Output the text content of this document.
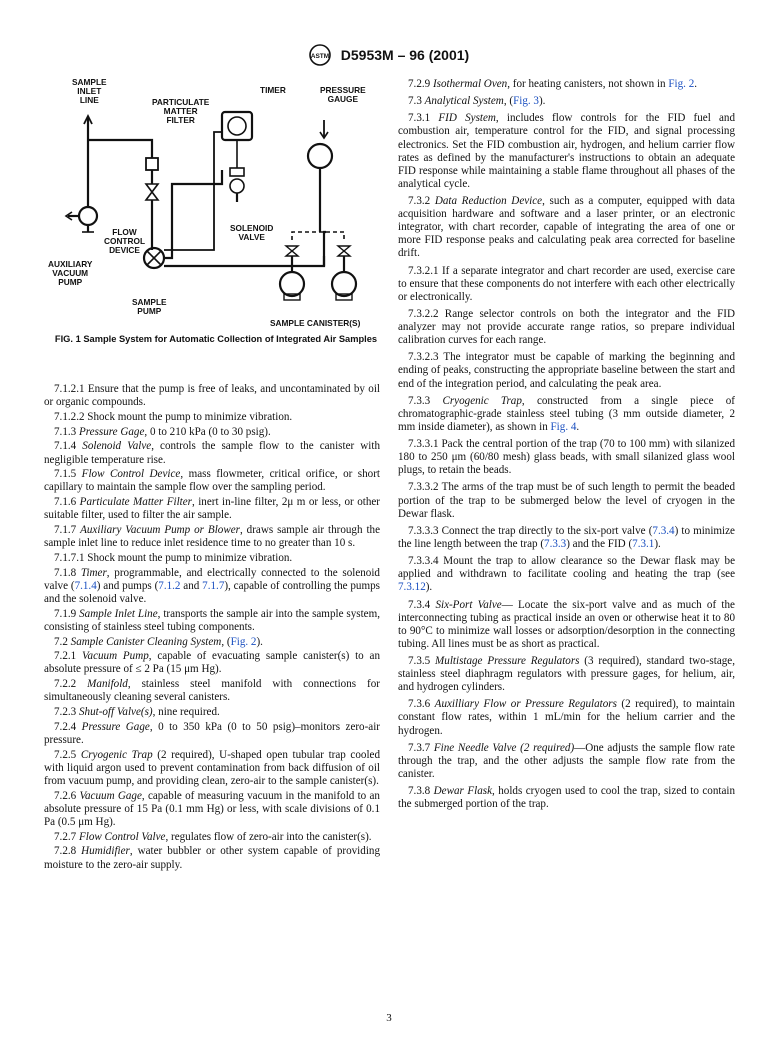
ASTM D5953M – 96 (2001)
SAMPLE
INLET
LINE	PARTICULATE
MATTER
FILTER
TIMER	PRESSURE
GAUGE
FLOW
CONTROL
DEVICE
SOLENOID
VALVE
AUXILIARY
VACUUM
PUMP
SAMPLE
PUMP
SAMPLE CANISTER(S)
FIG. 1 Sample System for Automatic Collection of Integrated Air Samples

7.1.2.1 Ensure that the pump is free of leaks, and uncontaminated by oil or organic compounds.

7.1.2.2 Shock mount the pump to minimize vibration.

7.1.3 Pressure Gage, 0 to 210 kPa (0 to 30 psig).

7.1.4 Solenoid Valve, controls the sample flow to the canister with negligible temperature rise.

7.1.5 Flow Control Device, mass flowmeter, critical orifice, or short capillary to maintain the sample flow over the sampling period.

7.1.6 Particulate Matter Filter, inert in-line filter, 2μ m or less, or other suitable filter, used to filter the air sample.

7.1.7 Auxiliary Vacuum Pump or Blower, draws sample air through the sample inlet line to reduce inlet residence time to no greater than 10 s.

7.1.7.1 Shock mount the pump to minimize vibration.

7.1.8 Timer, programmable, and electrically connected to the solenoid valve (7.1.4) and pumps (7.1.2 and 7.1.7), capable of controlling the pumps and the solenoid valve.

7.1.9 Sample Inlet Line, transports the sample air into the sample system, consisting of stainless steel tubing components.

7.2 Sample Canister Cleaning System, (Fig. 2).

7.2.1 Vacuum Pump, capable of evacuating sample canister(s) to an absolute pressure of ≤ 2 Pa (15 μm Hg).

7.2.2 Manifold, stainless steel manifold with connections for simultaneously cleaning several canisters.

7.2.3 Shut-off Valve(s), nine required.

7.2.4 Pressure Gage, 0 to 350 kPa (0 to 50 psig)–monitors zero-air pressure.

7.2.5 Cryogenic Trap (2 required), U-shaped open tubular trap cooled with liquid argon used to prevent contamination from back diffusion of oil from vacuum pump, and providing clean, zero-air to the sample canister(s).

7.2.6 Vacuum Gage, capable of measuring vacuum in the manifold to an absolute pressure of 15 Pa (0.1 mm Hg) or less, with scale divisions of 0.1 Pa (0.5 μm Hg).

7.2.7 Flow Control Valve, regulates flow of zero-air into the canister(s).

7.2.8 Humidifier, water bubbler or other system capable of providing moisture to the zero-air supply.

7.2.9 Isothermal Oven, for heating canisters, not shown in Fig. 2.

7.3 Analytical System, (Fig. 3).

7.3.1 FID System, includes flow controls for the FID fuel and combustion air, temperature control for the FID, and signal processing electronics. Set the FID combustion air, hydrogen, and helium carrier flow rates as defined by the manufacturer's instructions to obtain an adequate FID response while maintaining a stable flame throughout all phases of the analytical cycle.

7.3.2 Data Reduction Device, such as a computer, equipped with data acquisition hardware and software and a laser printer, or an electronic integrator, with chart recorder, capable of integrating the area of one or more FID response peaks and calculating peak area corrected for baseline drift.

7.3.2.1 If a separate integrator and chart recorder are used, exercise care to ensure that these components do not interfere with each other electrically or electronically.

7.3.2.2 Range selector controls on both the integrator and the FID analyzer may not provide accurate range ratios, so prepare individual calibration curves for each range.

7.3.2.3 The integrator must be capable of marking the beginning and ending of peaks, constructing the appropriate baseline between the start and end of the integration period, and calculating the peak area.

7.3.3 Cryogenic Trap, constructed from a single piece of chromatographic-grade stainless steel tubing (3 mm outside diameter, 2 mm inside diameter), as shown in Fig. 4.

7.3.3.1 Pack the central portion of the trap (70 to 100 mm) with silanized 180 to 250 μm (60/80 mesh) glass beads, with small silanized glass wool plugs, to retain the beads.

7.3.3.2 The arms of the trap must be of such length to permit the beaded portion of the trap to be submerged below the level of cryogen in the Dewar flask.

7.3.3.3 Connect the trap directly to the six-port valve (7.3.4) to minimize the line length between the trap (7.3.3) and the FID (7.3.1).

7.3.3.4 Mount the trap to allow clearance so the Dewar flask may be applied and withdrawn to facilitate cooling and heating the trap (see 7.3.12).

7.3.4 Six-Port Valve— Locate the six-port valve and as much of the interconnecting tubing as practical inside an oven or otherwise heat it to 80 to 90°C to minimize wall losses or adsorption/desorption in the connecting tubing. All lines must be as short as practical.

7.3.5 Multistage Pressure Regulators (3 required), standard two-stage, stainless steel diaphragm regulators with pressure gages, for helium, air, and hydrogen cylinders.

7.3.6 Auxilliary Flow or Pressure Regulators (2 required), to maintain constant flow rates, within 1 mL/min for the helium carrier and the hydrogen.

7.3.7 Fine Needle Valve (2 required)—One adjusts the sample flow rate through the trap, and the other adjusts the sample flow rate from the canister.

7.3.8 Dewar Flask, holds cryogen used to cool the trap, sized to contain the submerged portion of the trap.

3
